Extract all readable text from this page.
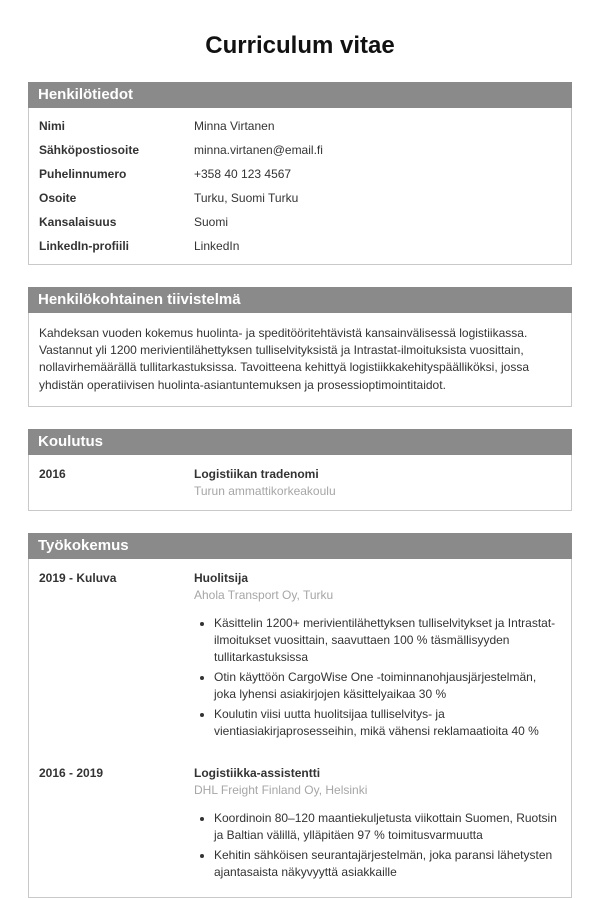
Curriculum vitae
Henkilötiedot
Nimi	Minna Virtanen
Sähköpostiosoite	minna.virtanen@email.fi
Puhelinnumero	+358 40 123 4567
Osoite	Turku, Suomi Turku
Kansalaisuus	Suomi
LinkedIn-profiili	LinkedIn
Henkilökohtainen tiivistelmä

Kahdeksan vuoden kokemus huolinta- ja speditööritehtävistä kansainvälisessä logistiikassa. Vastannut yli 1200 merivientilähettyksen tulliselvityksistä ja Intrastat-ilmoituksista vuosittain, nollavirhemäärällä tullitarkastuksissa. Tavoitteena kehittyä logistiikkakehityspäälliköksi, jossa yhdistän operatiivisen huolinta-asiantuntemuksen ja prosessioptimointitaidot.

Koulutus
2016	Logistiikan tradenomi
Turun ammattikorkeakoulu
Työkokemus
2019 - Kuluva	Huolitsija
Ahola Transport Oy, Turku
• Käsittelin 1200+ merivientilähettyksen tulliselvitykset ja Intrastat-ilmoitukset vuosittain, saavuttaen 100 % täsmällisyyden tullitarkastuksissa
• Otin käyttöön CargoWise One -toiminnanohjausjärjestelmän, joka lyhensi asiakirjojen käsittelyaikaa 30 %
• Koulutin viisi uutta huolitsijaa tulliselvitys- ja vientiasiakirjaprosesseihin, mikä vähensi reklamaatioita 40 %
2016 - 2019	Logistiikka-assistentti
DHL Freight Finland Oy, Helsinki
• Koordinoin 80–120 maantiekuljetusta viikottain Suomen, Ruotsin ja Baltian välillä, ylläpitäen 97 % toimitusvarmuutta
• Kehitin sähköisen seurantajärjestelmän, joka paransi lähetysten ajantasaista näkyvyyttä asiakkaille
